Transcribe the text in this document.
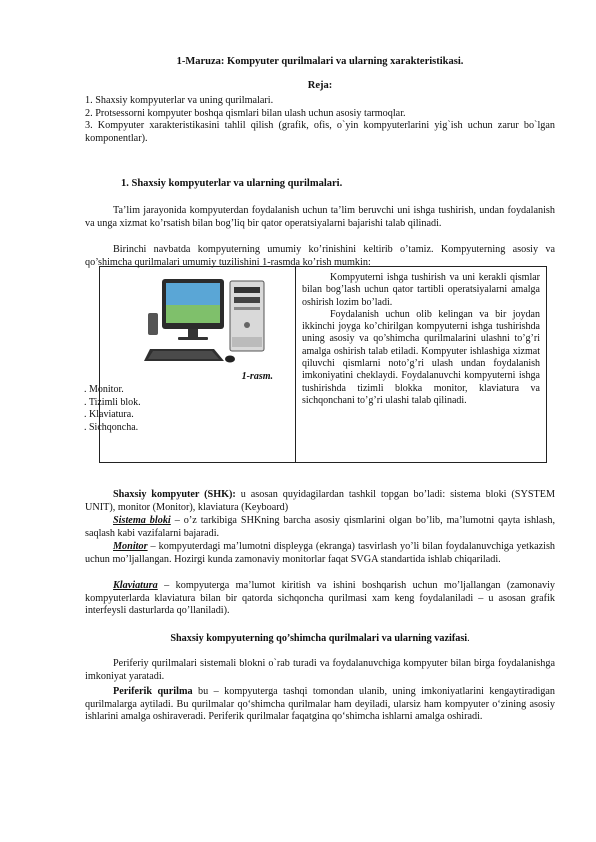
1-Maruza: Kompyuter qurilmalari va ularning xarakteristikasi.
Reja:

1. Shaxsiy kompyuterlar va uning qurilmalari.

2. Protsessorni kompyuter boshqa qismlari bilan ulash uchun asosiy tarmoqlar.

3. Kompyuter xarakteristikasini tahlil qilish (grafik, ofis, o`yin kompyuterlarini yig`ish uchun zarur bo`lgan komponentlar).

1. Shaxsiy kompyuterlar va ularning qurilmalari.

Ta’lim jarayonida kompyuterdan foydalanish uchun ta’lim beruvchi uni ishga tushirish, undan foydalanish va unga xizmat ko’rsatish bilan bog’liq bir qator operatsiyalarni bajarishi talab qilinadi.

Birinchi navbatda kompyuterning umumiy ko’rinishini keltirib o’tamiz. Kompyuterning asosiy va qo’shimcha qurilmalari umumiy tuzilishini 1-rasmda ko’rish mumkin:

1-rasm.
. Monitor.
. Tizimli blok.
. Klaviatura.
. Sichqoncha.

Kompyuterni ishga tushirish va uni kerakli qismlar bilan bog’lash uchun qator tartibli operatsiyalarni amalga oshirish lozim bo’ladi.

Foydalanish uchun olib kelingan va bir joydan ikkinchi joyga ko’chirilgan kompyuterni ishga tushirishda uning asosiy va qo’shimcha qurilmalarini ulashni to’g’ri amalga oshirish talab etiladi. Kompyuter ishlashiga xizmat qiluvchi qismlarni noto’g’ri ulash undan foydalanish imkoniyatini cheklaydi. Foydalanuvchi kompyuterni ishga tushirishda tizimli blokka monitor, klaviatura va sichqonchani to’g’ri ulashi talab qilinadi.

Shaxsiy kompyuter (SHK): u asosan quyidagilardan tashkil topgan bo’ladi: sistema bloki (SYSTEM UNIT), monitor (Monitor), klaviatura (Keyboard)

Sistema bloki – o’z tarkibiga SHKning barcha asosiy qismlarini olgan bo’lib, ma’lumotni qayta ishlash, saqlash kabi vazifalarni bajaradi.

Monitor – kompyuterdagi ma’lumotni displeyga (ekranga) tasvirlash yo’li bilan foydalanuvchiga yetkazish uchun mo’ljallangan. Hozirgi kunda zamonaviy monitorlar faqat SVGA standartida ishlab chiqariladi.

Klaviatura – kompyuterga ma’lumot kiritish va ishini boshqarish uchun mo’ljallangan (zamonaviy kompyuterlarda klaviatura bilan bir qatorda sichqoncha qurilmasi xam keng foydalaniladi – u asosan grafik interfeysli dasturlarda qo’llaniladi).

Shaxsiy kompyuterning qo’shimcha qurilmalari va ularning vazifasi.

Periferiy qurilmalari sistemali blokni o`rab turadi va foydalanuvchiga kompyuter bilan birga foydalanishga imkoniyat yaratadi.

Periferik qurilma bu – kompyuterga tashqi tomondan ulanib, uning imkoniyatlarini kengaytiradigan qurilmalarga aytiladi. Bu qurilmalar qo‘shimcha qurilmalar ham deyiladi, ularsiz ham kompyuter o‘zining asosiy ishlarini amalga oshiraveradi. Periferik qurilmalar faqatgina qo‘shimcha ishlarni amalga oshiradi.
